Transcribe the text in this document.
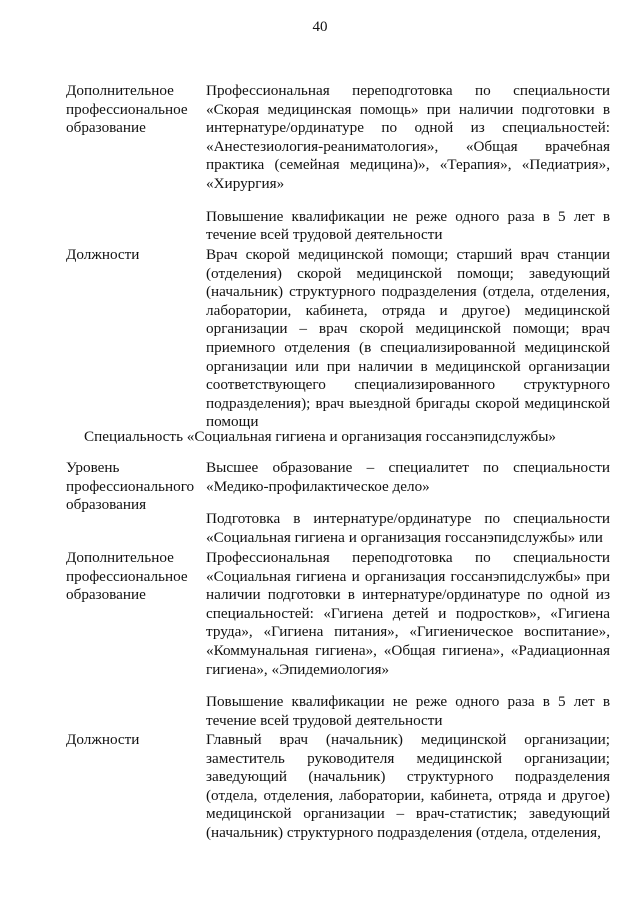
40
Дополнительное профессиональное образование

Профессиональная переподготовка по специальности «Скорая медицинская помощь» при наличии подготовки в интернатуре/ординатуре по одной из специальностей: «Анестезиология-реаниматология», «Общая врачебная практика (семейная медицина)», «Терапия», «Педиатрия», «Хирургия»

Повышение квалификации не реже одного раза в 5 лет в течение всей трудовой деятельности

Должности	Врач скорой медицинской помощи; старший врач станции (отделения) скорой медицинской помощи; заведующий (начальник) структурного подразделения (отдела, отделения, лаборатории, кабинета, отряда и другое) медицинской организации – врач скорой медицинской помощи; врач приемного отделения (в специализированной медицинской организации или при наличии в медицинской организации соответствующего специализированного структурного подразделения); врач выездной бригады скорой медицинской помощи

Специальность «Социальная гигиена и организация госсанэпидслужбы»
Уровень профессионального образования

Высшее образование – специалитет по специальности «Медико-профилактическое дело»

Подготовка в интернатуре/ординатуре по специальности «Социальная гигиена и организация госсанэпидслужбы» или

Дополнительное профессиональное образование

Профессиональная переподготовка по специальности «Социальная гигиена и организация госсанэпидслужбы» при наличии подготовки в интернатуре/ординатуре по одной из специальностей: «Гигиена детей и подростков», «Гигиена труда», «Гигиена питания», «Гигиеническое воспитание», «Коммунальная гигиена», «Общая гигиена», «Радиационная гигиена», «Эпидемиология»

Повышение квалификации не реже одного раза в 5 лет в течение всей трудовой деятельности

Должности	Главный врач (начальник) медицинской организации; заместитель руководителя медицинской организации; заведующий (начальник) структурного подразделения (отдела, отделения, лаборатории, кабинета, отряда и другое) медицинской организации – врач-статистик; заведующий (начальник) структурного подразделения (отдела, отделения,
